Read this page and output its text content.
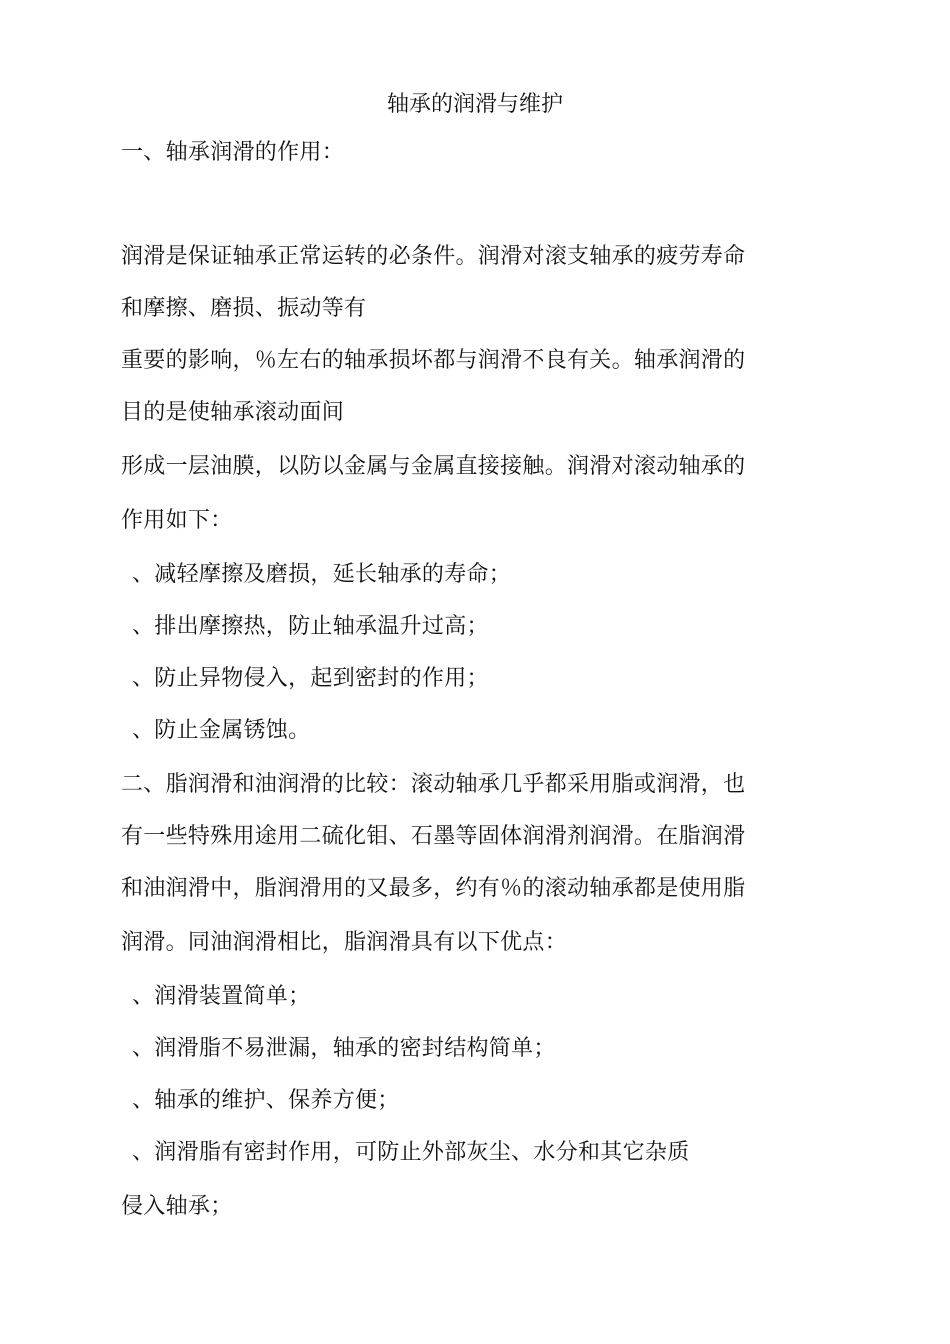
轴承的润滑与维护
一、轴承润滑的作用：
润滑是保证轴承正常运转的必条件。润滑对滚支轴承的疲劳寿命
和摩擦、磨损、振动等有
重要的影响，％左右的轴承损坏都与润滑不良有关。轴承润滑的
目的是使轴承滚动面间
形成一层油膜，以防以金属与金属直接接触。润滑对滚动轴承的
作用如下：
、减轻摩擦及磨损，延长轴承的寿命；
、排出摩擦热，防止轴承温升过高；
、防止异物侵入，起到密封的作用；
、防止金属锈蚀。
二、脂润滑和油润滑的比较：滚动轴承几乎都采用脂或润滑，也
有一些特殊用途用二硫化钼、石墨等固体润滑剂润滑。在脂润滑
和油润滑中，脂润滑用的又最多，约有％的滚动轴承都是使用脂
润滑。同油润滑相比，脂润滑具有以下优点：
、润滑装置简单；
、润滑脂不易泄漏，轴承的密封结构简单；
、轴承的维护、保养方便；
、润滑脂有密封作用，可防止外部灰尘、水分和其它杂质
侵入轴承；
